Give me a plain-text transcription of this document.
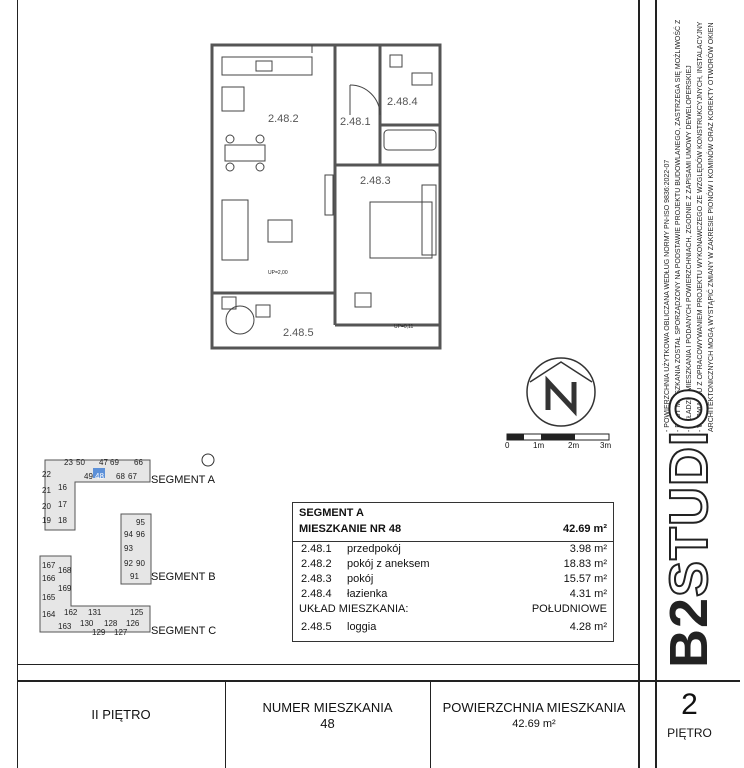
2.48.2	2.48.1
2.48.4
2.48.3
2.48.5
UP=2,00
UP=0,11
0	1m	2m	3m
23 50 47 69 66
49 48 68 67
22
16
21
17
20
19 18	95
94 96
93
92 90
91
167
168
166
169
165
164
163
162 131	125
130 128 126
129 127
SEGMENT A
SEGMENT B
SEGMENT C
SEGMENT A
MIESZKANIE NR 48	42.69 m²
2.48.1 przedpokój	3.98 m²
2.48.2 pokój z aneksem	18.83 m²
2.48.3 pokój	15.57 m²
2.48.4 łazienka	4.31 m²
UKŁAD MIESZKANIA:	POŁUDNIOWE
2.48.5 loggia	4.28 m²
- POWIERZCHNIA UŻYTKOWA OBLICZANA WEDŁUG NORMY PN-ISO 9836:2022-07 - RZUT MIESZKANIA ZOSTAŁ SPORZĄDZONY NA PODSTAWIE PROJEKTU BUDOWLANEGO, ZASTRZEGA SIĘ MOŻLIWOŚĆ Z - UKŁADZIE MIESZKANIA I PODANYCH POWIERZCHNIACH, ZGODNIE Z ZAPISAMI UMOWY DEWELOPERSKIEJ - W ZWIĄZKU Z OPRACOWYWANIEM PROJEKTU WYKONAWCZEGO ZE WZGLĘDÓW KONSTRUKCYJNYCH, INSTALACYJNY ARCHITEKTONICZNYCH MOGĄ WYSTĄPIĆ ZMIANY W ZAKRESIE PIONÓW I KOMINÓW ORAZ KOREKTY OTWORÓW OKIEN
B2STUDIO
II PIĘTRO	NUMER MIESZKANIA
48
POWIERZCHNIA MIESZKANIA
42.69 m²
2
PIĘTRO
